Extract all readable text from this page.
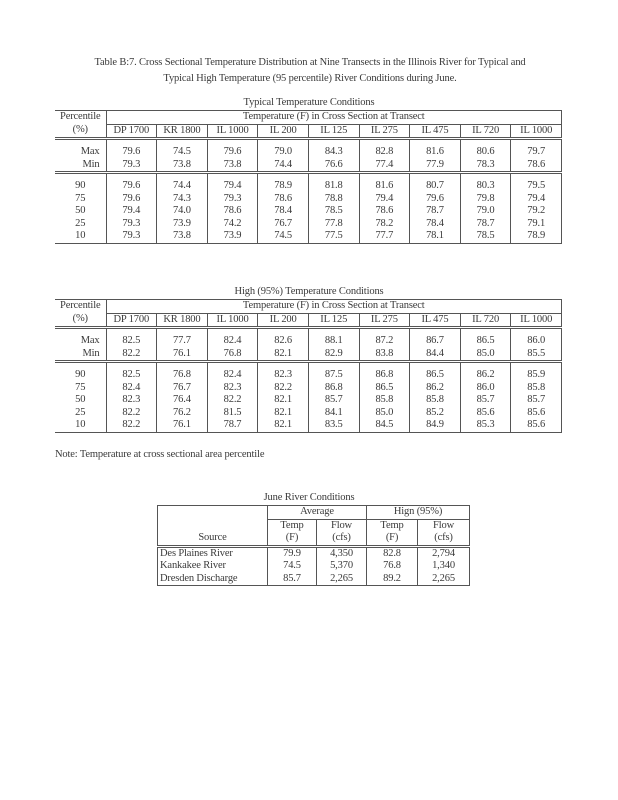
Table B:7. Cross Sectional Temperature Distribution at Nine Transects in the Illinois River for Typical and
Typical High Temperature (95 percentile) River Conditions during June.
Typical Temperature Conditions
Percentile	Temperature (F) in Cross Section at Transect								
(%)	DP 1700	KR 1800	IL 1000	IL 200	IL 125	IL 275	IL 475	IL 720	IL 1000

Max	79.6	74.5	79.6	79.0	84.3	82.8	81.6	80.6	79.7
Min	79.3	73.8	73.8	74.4	76.6	77.4	77.9	78.3	78.6

90	79.6	74.4	79.4	78.9	81.8	81.6	80.7	80.3	79.5
75	79.6	74.3	79.3	78.6	78.8	79.4	79.6	79.8	79.4
50	79.4	74.0	78.6	78.4	78.5	78.6	78.7	79.0	79.2
25	79.3	73.9	74.2	76.7	77.8	78.2	78.4	78.7	79.1
10	79.3	73.8	73.9	74.5	77.5	77.7	78.1	78.5	78.9
High (95%) Temperature Conditions
Percentile	Temperature (F) in Cross Section at Transect								
(%)	DP 1700	KR 1800	IL 1000	IL 200	IL 125	IL 275	IL 475	IL 720	IL 1000

Max	82.5	77.7	82.4	82.6	88.1	87.2	86.7	86.5	86.0
Min	82.2	76.1	76.8	82.1	82.9	83.8	84.4	85.0	85.5

90	82.5	76.8	82.4	82.3	87.5	86.8	86.5	86.2	85.9
75	82.4	76.7	82.3	82.2	86.8	86.5	86.2	86.0	85.8
50	82.3	76.4	82.2	82.1	85.7	85.8	85.8	85.7	85.7
25	82.2	76.2	81.5	82.1	84.1	85.0	85.2	85.6	85.6
10	82.2	76.1	78.7	82.1	83.5	84.5	84.9	85.3	85.6
Note: Temperature at cross sectional area percentile
June River Conditions
	Average		Hign (95%)	
	Temp	Flow	Temp	Flow
Source	(F)	(cfs)	(F)	(cfs)
Des Plaines River	79.9	4,350	82.8	2,794
Kankakee River	74.5	5,370	76.8	1,340
Dresden Discharge	85.7	2,265	89.2	2,265
